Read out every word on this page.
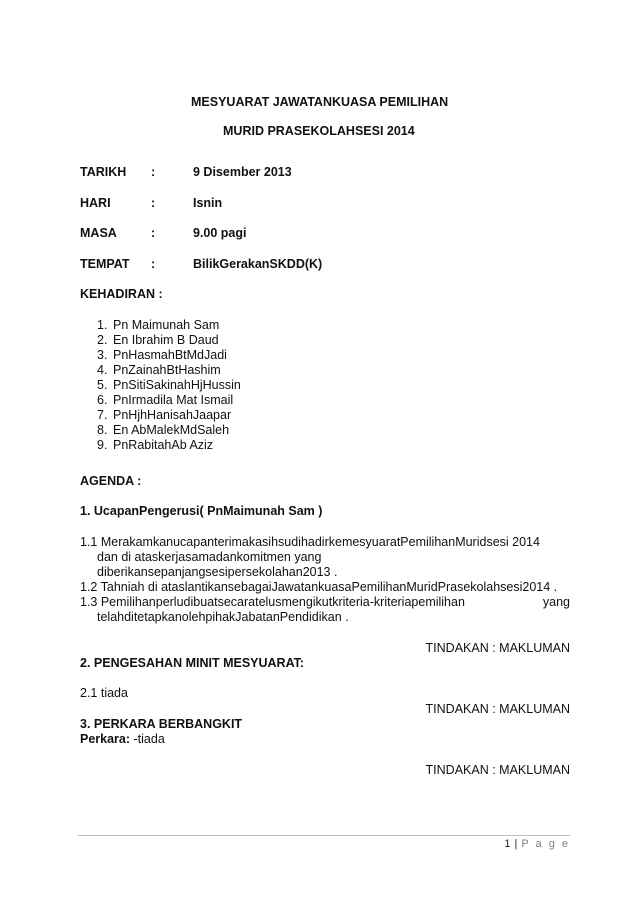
MESYUARAT JAWATANKUASA PEMILIHAN
MURID PRASEKOLAHSESI 2014
TARIKH :	9 Disember 2013
HARI	:	Isnin
MASA	:	9.00 pagi
TEMPAT :	BilikGerakanSKDD(K)
KEHADIRAN :
1. Pn Maimunah Sam
2. En Ibrahim B Daud
3. PnHasmahBtMdJadi
4. PnZainahBtHashim
5. PnSitiSakinahHjHussin
6. PnIrmadila Mat Ismail
7. PnHjhHanisahJaapar
8. En AbMalekMdSaleh
9. PnRabitahAb Aziz
AGENDA :
1. UcapanPengerusi( PnMaimunah Sam )
1.1 MerakamkanucapanterimakasihsudihadirkemesyuaratPemilihanMuridsesi 2014
dan di ataskerjasamadankomitmen yang
diberikansepanjangsesipersekolahan2013 .
1.2 Tahniah di ataslantikansebagaiJawatankuasaPemilihanMuridPrasekolahsesi2014 .
1.3 Pemilihanperludibuatsecaratelusmengikutkriteria-kriteriapemilihan	yang
telahditetapkanolehpihakJabatanPendidikan .
TINDAKAN : MAKLUMAN
2. PENGESAHAN MINIT MESYUARAT:
2.1 tiada
TINDAKAN : MAKLUMAN
3. PERKARA BERBANGKIT
Perkara: -tiada
TINDAKAN : MAKLUMAN
1 | P a g e
